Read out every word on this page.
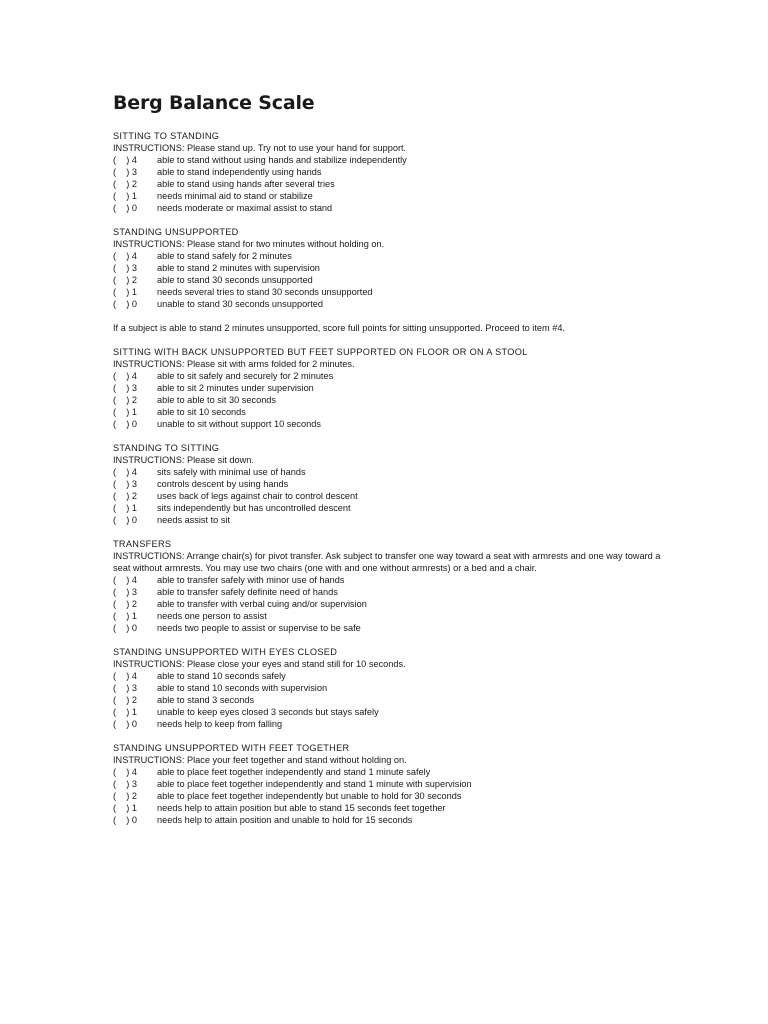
Berg Balance Scale
SITTING TO STANDING
INSTRUCTIONS: Please stand up. Try not to use your hand for support.
(    ) 4	able to stand without using hands and stabilize independently
(    ) 3	able to stand independently using hands
(    ) 2	able to stand using hands after several tries
(    ) 1	needs minimal aid to stand or stabilize
(    ) 0	needs moderate or maximal assist to stand
STANDING UNSUPPORTED
INSTRUCTIONS: Please stand for two minutes without holding on.
(    ) 4	able to stand safely for 2 minutes
(    ) 3	able to stand 2 minutes with supervision
(    ) 2	able to stand 30 seconds unsupported
(    ) 1	needs several tries to stand 30 seconds unsupported
(    ) 0	unable to stand 30 seconds unsupported
If a subject is able to stand 2 minutes unsupported, score full points for sitting unsupported. Proceed to item #4.
SITTING WITH BACK UNSUPPORTED BUT FEET SUPPORTED ON FLOOR OR ON A STOOL
INSTRUCTIONS: Please sit with arms folded for 2 minutes.
(    ) 4	able to sit safely and securely for 2 minutes
(    ) 3	able to sit 2 minutes under supervision
(    ) 2	able to able to sit 30 seconds
(    ) 1	able to sit 10 seconds
(    ) 0	unable to sit without support 10 seconds
STANDING TO SITTING
INSTRUCTIONS: Please sit down.
(    ) 4	sits safely with minimal use of hands
(    ) 3	controls descent by using hands
(    ) 2	uses back of legs against chair to control descent
(    ) 1	sits independently but has uncontrolled descent
(    ) 0	needs assist to sit
TRANSFERS
INSTRUCTIONS: Arrange chair(s) for pivot transfer. Ask subject to transfer one way toward a seat with armrests and one way toward a seat without armrests. You may use two chairs (one with and one without armrests) or a bed and a chair.
(    ) 4	able to transfer safely with minor use of hands
(    ) 3	able to transfer safely definite need of hands
(    ) 2	able to transfer with verbal cuing and/or supervision
(    ) 1	needs one person to assist
(    ) 0	needs two people to assist or supervise to be safe
STANDING UNSUPPORTED WITH EYES CLOSED
INSTRUCTIONS: Please close your eyes and stand still for 10 seconds.
(    ) 4	able to stand 10 seconds safely
(    ) 3	able to stand 10 seconds with supervision
(    ) 2	able to stand 3 seconds
(    ) 1	unable to keep eyes closed 3 seconds but stays safely
(    ) 0	needs help to keep from falling
STANDING UNSUPPORTED WITH FEET TOGETHER
INSTRUCTIONS: Place your feet together and stand without holding on.
(    ) 4	able to place feet together independently and stand 1 minute safely
(    ) 3	able to place feet together independently and stand 1 minute with supervision
(    ) 2	able to place feet together independently but unable to hold for 30 seconds
(    ) 1	needs help to attain position but able to stand 15 seconds feet together
(    ) 0	needs help to attain position and unable to hold for 15 seconds
